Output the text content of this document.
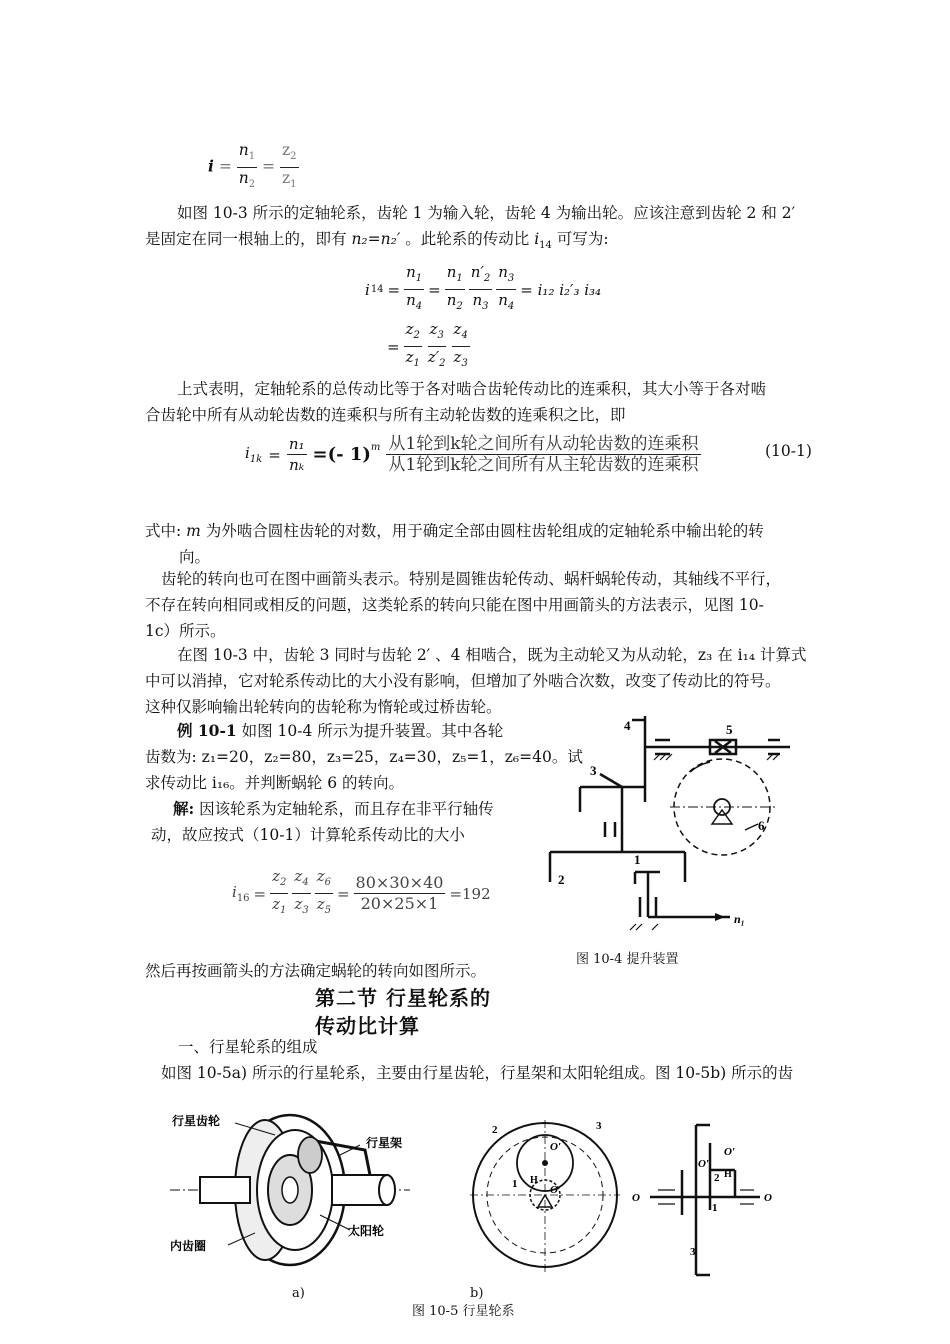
$i = \frac{n_1}{n_2} = \frac{z_2}{z_1}$
如图 10-3 所示的定轴轮系，齿轮 1 为输入轮，齿轮 4 为输出轮。应该注意到齿轮 2 和 2′
是固定在同一根轴上的，即有 n₂=n₂′ 。此轮系的传动比 $i_{14}$ 可写为:
i $14 = \frac{n_1}{n_4} = \frac{n_1}{n_2} \frac{n'_2}{n_3} \frac{n_3}{n_4} = i_{12}$ i₂′₃ i₃₄
= $\frac{z_2}{z_1} \frac{z_3}{z'_2} \frac{z_4}{z_3}$
上式表明，定轴轮系的总传动比等于各对啮合齿轮传动比的连乘积，其大小等于各对啮
合齿轮中所有从动轮齿数的连乘积与所有主动轮齿数的连乘积之比，即
$i_{1k} = \frac{\text{n₁}}{\text{nₖ}}$ =(- $1)^m \frac{\text{从1轮到k轮之间所有从动轮齿数的连乘积}}{\text{从1轮到k轮之间所有从主轮齿数的连乘积}}$	(10-1)
式中: m 为外啮合圆柱齿轮的对数，用于确定全部由圆柱齿轮组成的定轴轮系中输出轮的转
向。
齿轮的转向也可在图中画箭头表示。特别是圆锥齿轮传动、蜗杆蜗轮传动，其轴线不平行，
不存在转向相同或相反的问题，这类轮系的转向只能在图中用画箭头的方法表示，见图 10-
1c）所示。
在图 10-3 中，齿轮 3 同时与齿轮 2′ 、4 相啮合，既为主动轮又为从动轮，z₃ 在 i₁₄ 计算式
中可以消掉，它对轮系传动比的大小没有影响，但增加了外啮合次数，改变了传动比的符号。
这种仅影响输出轮转向的齿轮称为惰轮或过桥齿轮。
例 10-1 如图 10-4 所示为提升装置。其中各轮
齿数为: z₁=20，z₂=80，z₃=25，z₄=30，z₅=1，z₆=40。试
求传动比 i₁₆。并判断蜗轮 6 的转向。
解: 因该轮系为定轴轮系，而且存在非平行轴传
动，故应按式（10-1）计算轮系传动比的大小
$i_{16} = \frac{z_2}{z_1} \frac{z_4}{z_3} \frac{z_6}{z_5} = \frac{80\times 30\times 40}{20\times 25\times 1} =192$
4	5
3
6
1
2
n₁
图 10-4 提升装置
然后再按画箭头的方法确定蜗轮的转向如图所示。
第二节 行星轮系的
传动比计算
一、行星轮系的组成
如图 10-5a) 所示的行星轮系，主要由行星齿轮，行星架和太阳轮组成。图 10-5b) 所示的齿
行星齿轮
行星架
内齿圈
太阳轮
2	3
O′
1	O
H
O′
O′
2 H
O	O
1
3
a)	b)
图 10-5 行星轮系
